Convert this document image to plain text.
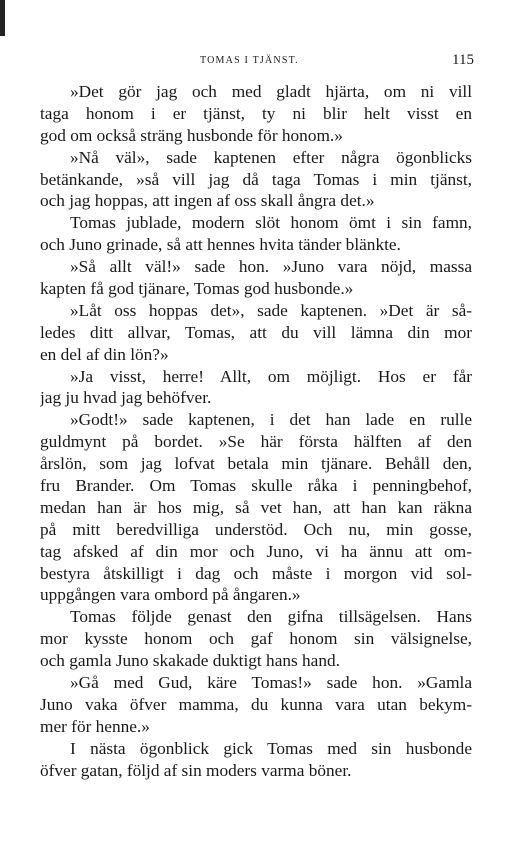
TOMAS I TJÄNST.	115
»Det gör jag och med gladt hjärta, om ni vill
taga honom i er tjänst, ty ni blir helt visst en
god om också sträng husbonde för honom.»
»Nå väl», sade kaptenen efter några ögonblicks
betänkande, »så vill jag då taga Tomas i min tjänst,
och jag hoppas, att ingen af oss skall ångra det.»
Tomas jublade, modern slöt honom ömt i sin famn,
och Juno grinade, så att hennes hvita tänder blänkte.
»Så allt väl!» sade hon. »Juno vara nöjd, massa
kapten få god tjänare, Tomas god husbonde.»
»Låt oss hoppas det», sade kaptenen. »Det är så-
ledes ditt allvar, Tomas, att du vill lämna din mor
en del af din lön?»
»Ja visst, herre! Allt, om möjligt. Hos er får
jag ju hvad jag behöfver.
»Godt!» sade kaptenen, i det han lade en rulle
guldmynt på bordet. »Se här första hälften af den
årslön, som jag lofvat betala min tjänare. Behåll den,
fru Brander. Om Tomas skulle råka i penningbehof,
medan han är hos mig, så vet han, att han kan räkna
på mitt beredvilliga understöd. Och nu, min gosse,
tag afsked af din mor och Juno, vi ha ännu att om-
bestyra åtskilligt i dag och måste i morgon vid sol-
uppgången vara ombord på ångaren.»
Tomas följde genast den gifna tillsägelsen. Hans
mor kysste honom och gaf honom sin välsignelse,
och gamla Juno skakade duktigt hans hand.
»Gå med Gud, käre Tomas!» sade hon. »Gamla
Juno vaka öfver mamma, du kunna vara utan bekym-
mer för henne.»
I nästa ögonblick gick Tomas med sin husbonde
öfver gatan, följd af sin moders varma böner.
